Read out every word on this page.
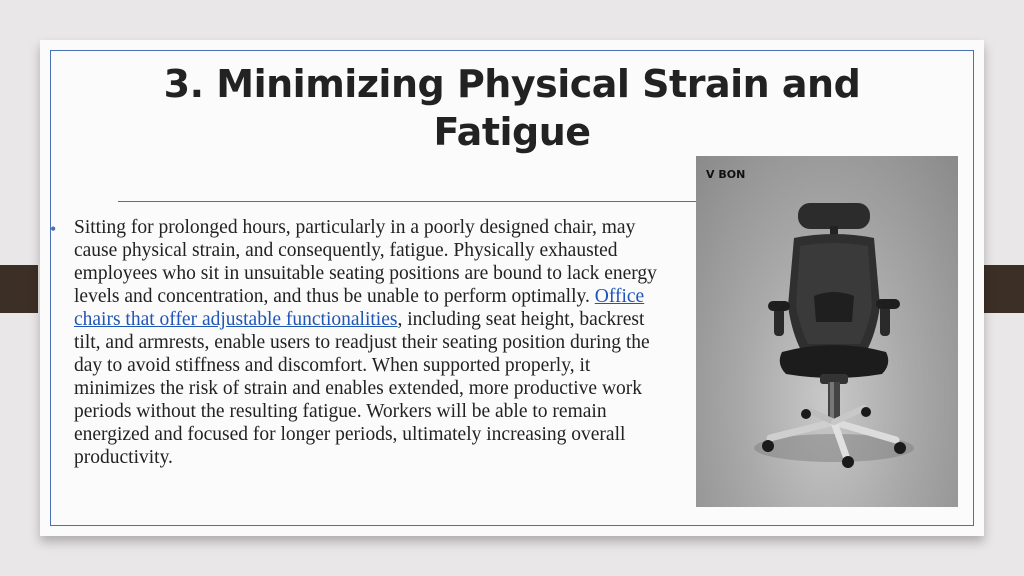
3. Minimizing Physical Strain and Fatigue
• Sitting for prolonged hours, particularly in a poorly designed chair, may cause physical strain, and consequently, fatigue. Physically exhausted employees who sit in unsuitable seating positions are bound to lack energy levels and concentration, and thus be unable to perform optimally. Office chairs that offer adjustable functionalities, including seat height, backrest tilt, and armrests, enable users to readjust their seating position during the day to avoid stiffness and discomfort. When supported properly, it minimizes the risk of strain and enables extended, more productive work periods without the resulting fatigue. Workers will be able to remain energized and focused for longer periods, ultimately increasing overall productivity.

V BON
